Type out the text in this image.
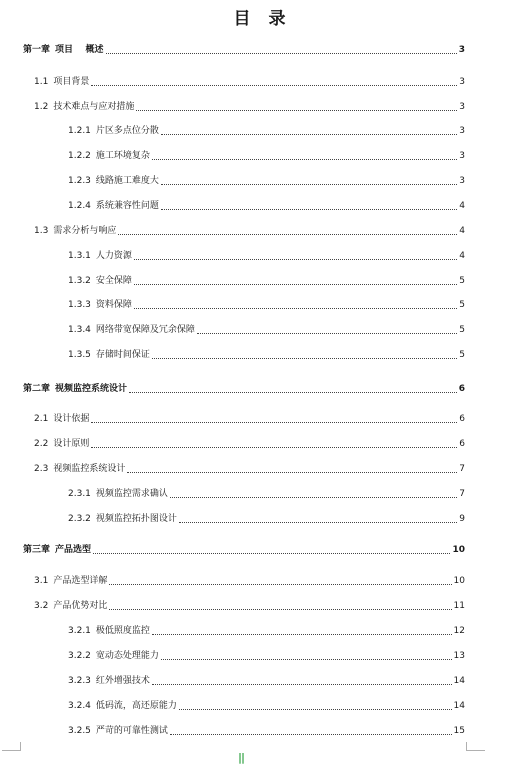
目 录
第一章 项目    概述	3
1.1 项目背景	3
1.2 技术难点与应对措施	3
1.2.1 片区多点位分散	3
1.2.2 施工环境复杂	3
1.2.3 线路施工难度大	3
1.2.4 系统兼容性问题	4
1.3 需求分析与响应	4
1.3.1 人力资源	4
1.3.2 安全保障	5
1.3.3 资料保障	5
1.3.4 网络带宽保障及冗余保障	5
1.3.5 存储时间保证	5
第二章 视频监控系统设计	6
2.1 设计依据	6
2.2 设计原则	6
2.3 视频监控系统设计	7
2.3.1 视频监控需求确认	7
2.3.2 视频监控拓扑图设计	9
第三章 产品选型	10
3.1 产品选型详解	10
3.2 产品优势对比	11
3.2.1 极低照度监控	12
3.2.2 宽动态处理能力	13
3.2.3 红外增强技术	14
3.2.4 低码流，高还原能力	14
3.2.5 严苛的可靠性测试	15
||
